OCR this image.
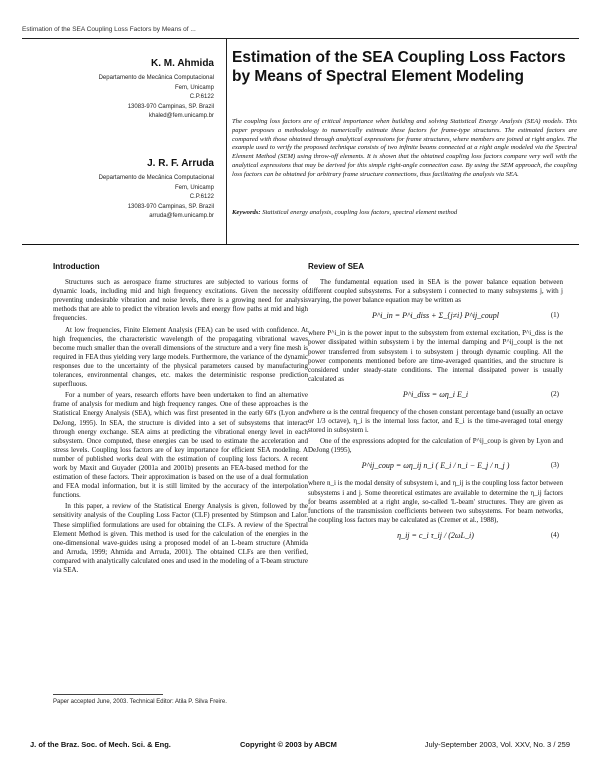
Estimation of the SEA Coupling Loss Factors by Means of ...
K. M. Ahmida
Departamento de Mecânica Computacional
Fem, Unicamp
C.P.6122
13083-970 Campinas, SP. Brazil
khaled@fem.unicamp.br
J. R. F. Arruda
Departamento de Mecânica Computacional
Fem, Unicamp
C.P.6122
13083-970 Campinas, SP. Brazil
arruda@fem.unicamp.br
Estimation of the SEA Coupling Loss Factors by Means of Spectral Element Modeling
The coupling loss factors are of critical importance when building and solving Statistical Energy Analysis (SEA) models. This paper proposes a methodology to numerically estimate these factors for frame-type structures. The estimated factors are compared with those obtained through analytical expressions for frame structures, where members are joined at right angles. The example used to verify the proposed technique consists of two infinite beams connected at a right angle modeled via the Spectral Element Method (SEM) using throw-off elements. It is shown that the obtained coupling loss factors compare very well with the analytical expressions that may be derived for this simple right-angle connection case. By using the SEM approach, the coupling loss factors can be obtained for arbitrary frame structure connections, thus facilitating the analysis via SEA.
Keywords: Statistical energy analysis, coupling loss factors, spectral element method
Introduction

Structures such as aerospace frame structures are subjected to various forms of dynamic loads, including mid and high frequency excitations. Given the necessity of preventing undesirable vibration and noise levels, there is a growing need for analysis methods that are able to predict the vibration levels and energy flow paths at mid and high frequencies.

At low frequencies, Finite Element Analysis (FEA) can be used with confidence. At high frequencies, the characteristic wavelength of the propagating vibrational waves become much smaller than the overall dimensions of the structure and a very fine mesh is required in FEA thus yielding very large models. Furthermore, the variance of the dynamic responses due to the uncertainty of the physical parameters caused by manufacturing tolerances, environmental changes, etc. makes the deterministic response prediction superfluous.

For a number of years, research efforts have been undertaken to find an alternative frame of analysis for medium and high frequency ranges. One of these approaches is the Statistical Energy Analysis (SEA), which was first presented in the early 60's (Lyon and DeJong, 1995). In SEA, the structure is divided into a set of subsystems that interact through energy exchange. SEA aims at predicting the vibrational energy level in each subsystem. Once computed, these energies can be used to estimate the acceleration and stress levels. Coupling loss factors are of key importance for efficient SEA modeling. A number of published works deal with the estimation of coupling loss factors. A recent work by Maxit and Guyader (2001a and 2001b) presents an FEA-based method for the estimation of these factors. Their approximation is based on the use of a dual formulation and FEA modal information, but it is still limited by the accuracy of the interpolation functions.

In this paper, a review of the Statistical Energy Analysis is given, followed by the sensitivity analysis of the Coupling Loss Factor (CLF) presented by Stimpson and Lalor. These simplified formulations are used for obtaining the CLFs. A review of the Spectral Element Method is given. This method is used for the calculation of the energies in the one-dimensional wave-guides using a proposed model of an L-beam structure (Ahmida and Arruda, 1999; Ahmida and Arruda, 2001). The obtained CLFs are then verified, compared with analytically calculated ones and used in the modeling of a T-beam structure via SEA.

Review of SEA

The fundamental equation used in SEA is the power balance equation between different coupled subsystems. For a subsystem i connected to many subsystems j, with j varying, the power balance equation may be written as

P^i_in = P^i_diss + Σ_{j≠i} P^ij_coupl	(1)

where P^i_in is the power input to the subsystem from external excitation, P^i_diss is the power dissipated within subsystem i by the internal damping and P^ij_coupl is the net power transferred from subsystem i to subsystem j through dynamic coupling. All the power components mentioned before are time-averaged quantities, and the structure is considered under steady-state conditions. The internal dissipated power is usually calculated as

P^i_diss = ωη_i E_i	(2)

where ω is the central frequency of the chosen constant percentage band (usually an octave or 1/3 octave), η_i is the internal loss factor, and E_i is the time-averaged total energy stored in subsystem i.

One of the expressions adopted for the calculation of P^ij_coup is given by Lyon and DeJong (1995),

P^ij_coup = ωη_ij n_i ( E_i / n_i − E_j / n_j )	(3)

where n_i is the modal density of subsystem i, and η_ij is the coupling loss factor between subsystems i and j. Some theoretical estimates are available to determine the η_ij factors for beams assembled at a right angle, so-called 'L-beam' structures. They are given as functions of the transmission coefficients between two subsystems. For beam networks, the coupling loss factors may be calculated as (Cremer et al., 1988),

η_ij = c_i τ_ij / (2ωL_i)	(4)
Paper accepted June, 2003. Technical Editor: Atila P. Silva Freire.
J. of the Braz. Soc. of Mech. Sci. & Eng.	Copyright © 2003 by ABCM	July-September 2003, Vol. XXV, No. 3 / 259
